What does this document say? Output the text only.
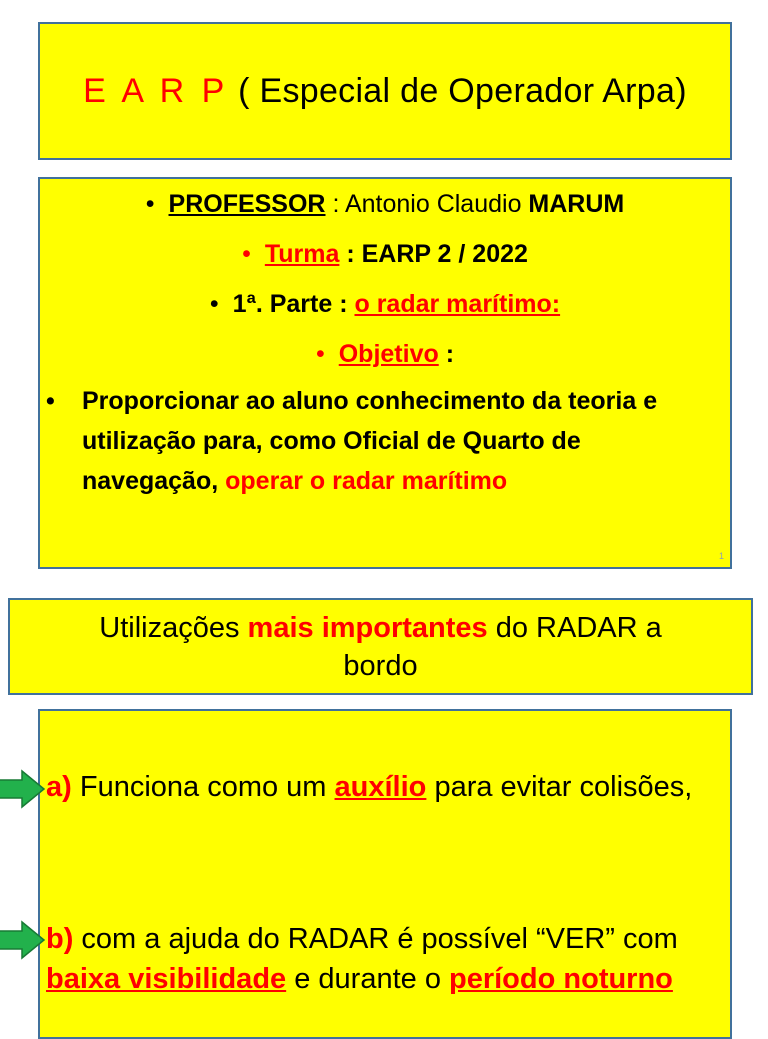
E A R P ( Especial de Operador Arpa)
• PROFESSOR : Antonio Claudio MARUM
• Turma : EARP 2 / 2022
• 1ª. Parte : o radar marítimo:
• Objetivo :
•	Proporcionar ao aluno conhecimento da teoria e utilização para, como Oficial de Quarto de navegação, operar o radar marítimo
1
Utilizações mais importantes do RADAR a bordo
a) Funciona como um auxílio para evitar colisões,
b) com a ajuda do RADAR é possível “VER” com baixa visibilidade e durante o período noturno
